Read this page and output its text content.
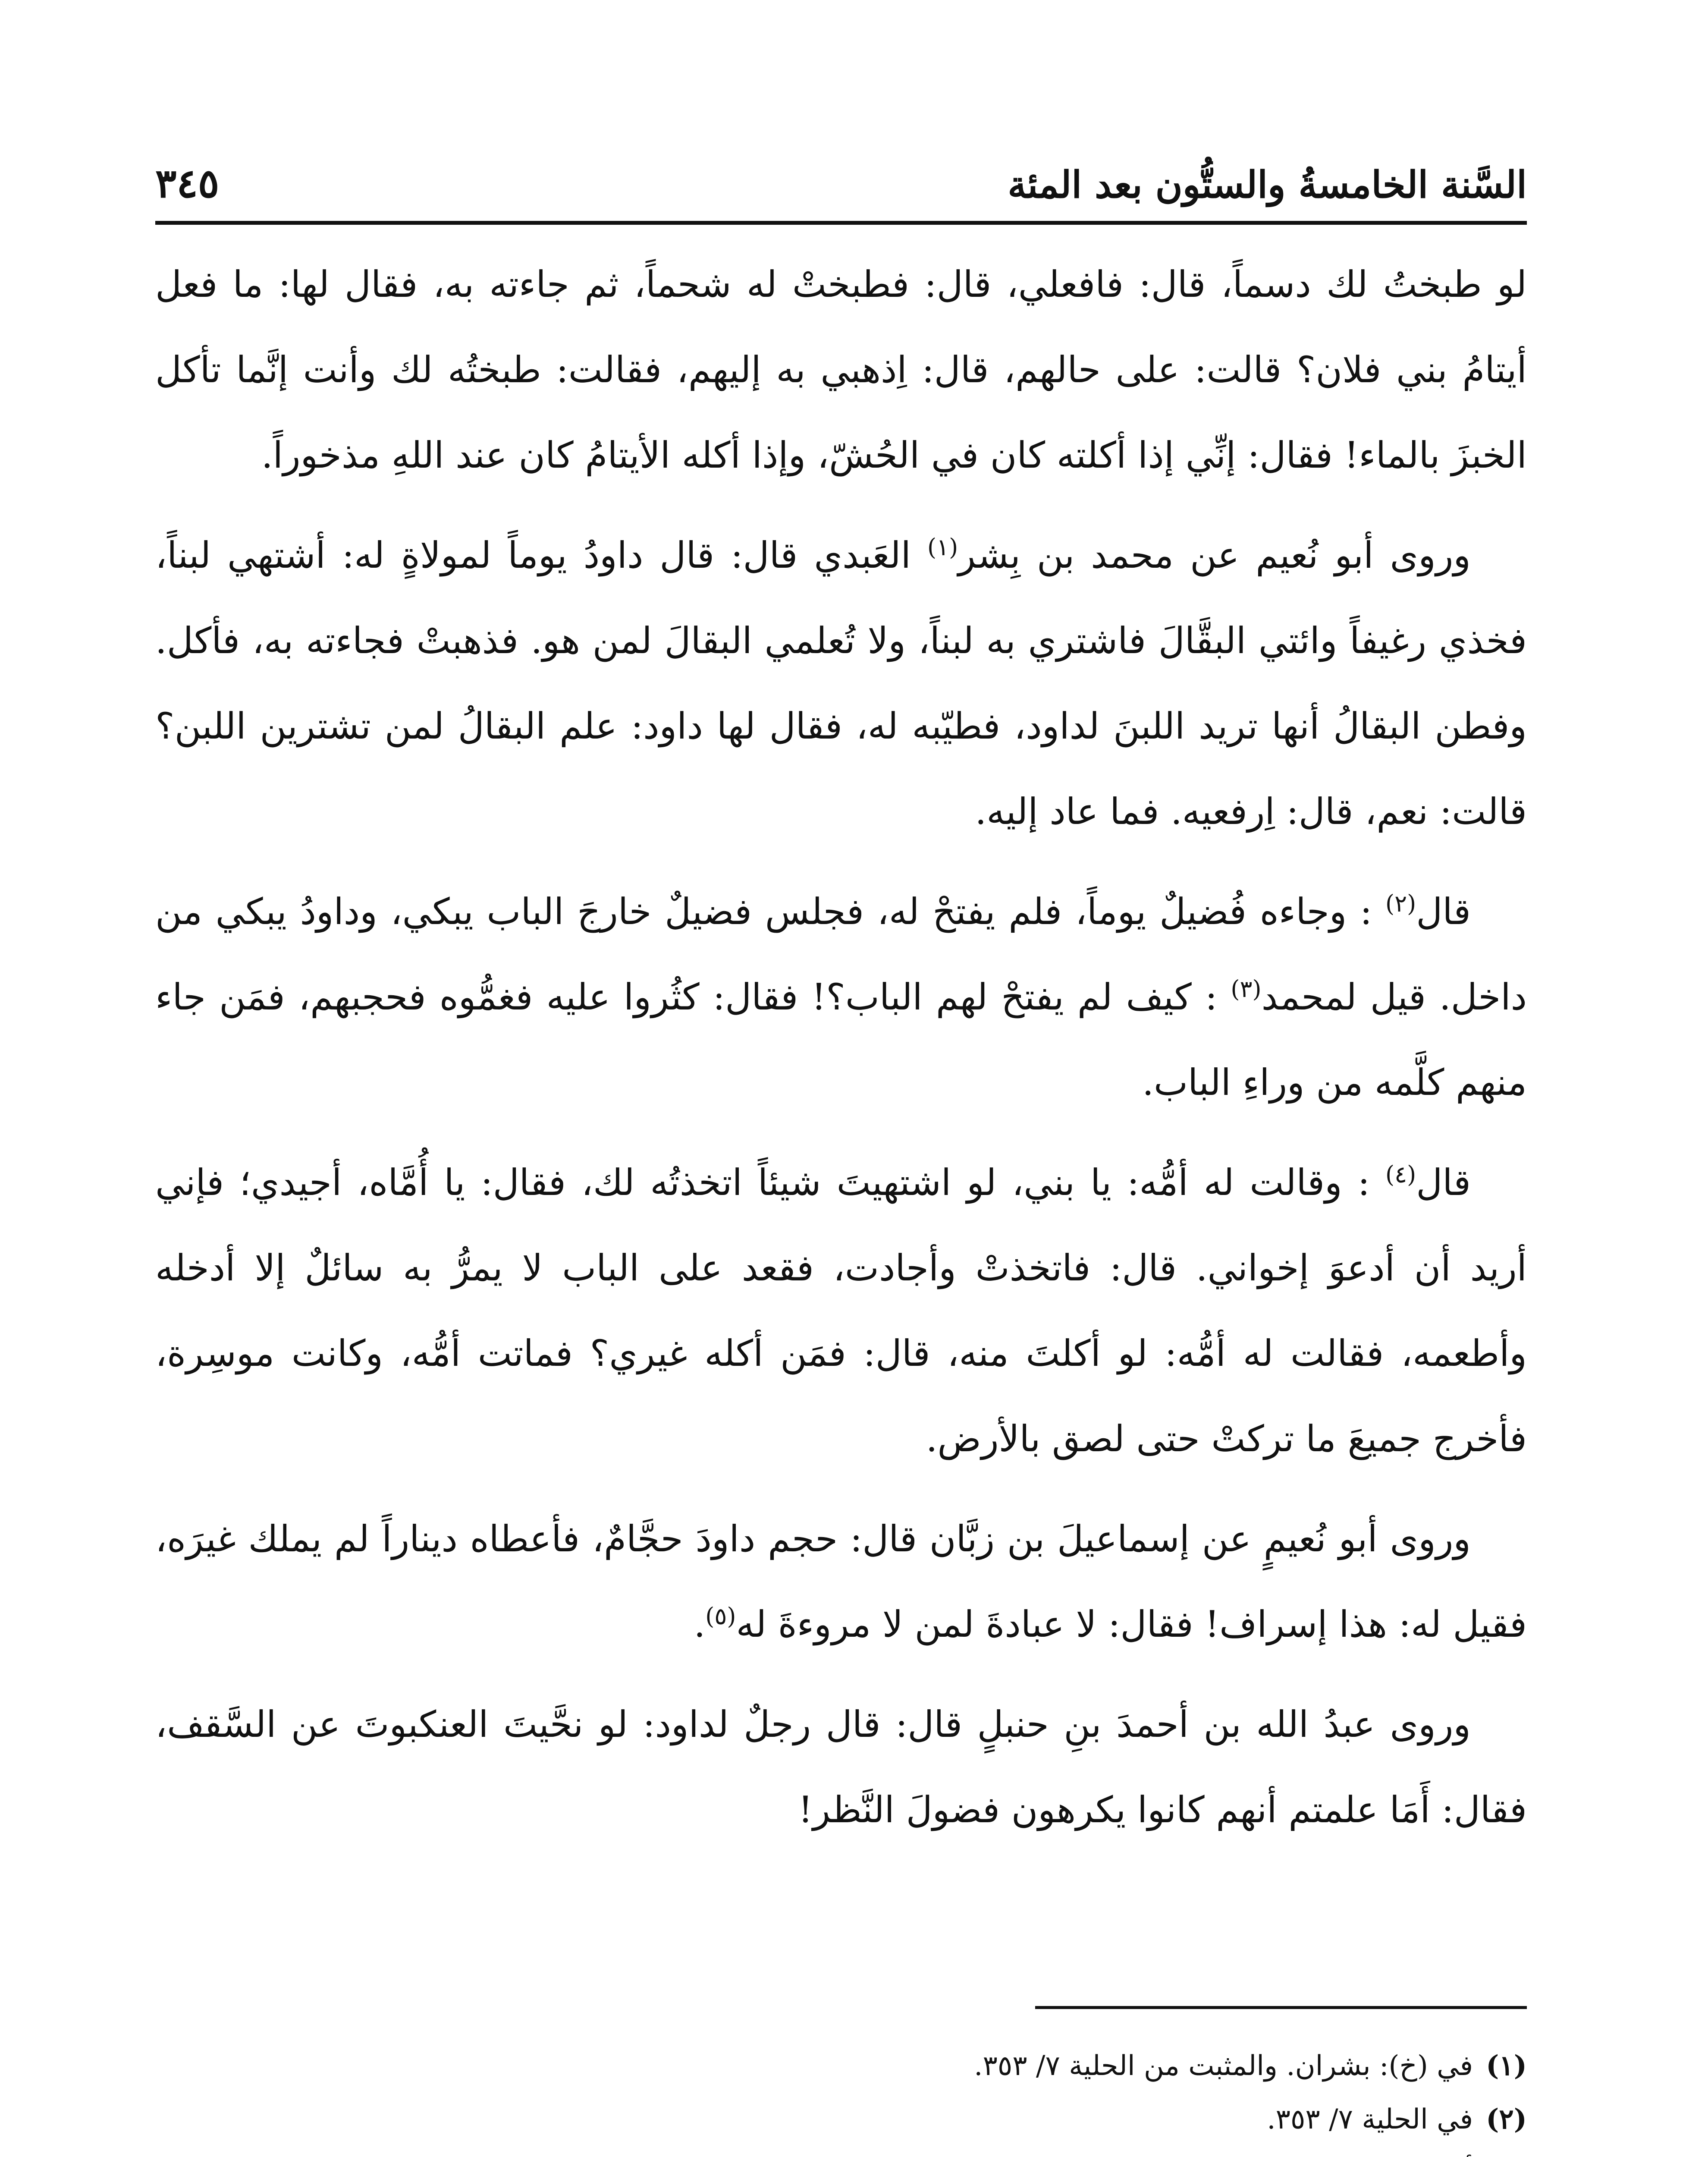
السَّنة الخامسةُ والستُّون بعد المئة
٣٤٥

لو طبختُ لك دسماً، قال: فافعلي، قال: فطبختْ له شحماً، ثم جاءته به، فقال لها: ما فعل أيتامُ بني فلان؟ قالت: على حالهم، قال: اِذهبي به إليهم، فقالت: طبختُه لك وأنت إنَّما تأكل الخبزَ بالماء! فقال: إنِّي إذا أكلته كان في الحُشّ، وإذا أكله الأيتامُ كان عند اللهِ مذخوراً.

وروى أبو نُعيم عن محمد بن بِشر$^{(١)}$ العَبدي قال: قال داودُ يوماً لمولاةٍ له: أشتهي لبناً، فخذي رغيفاً وائتي البقَّالَ فاشتري به لبناً، ولا تُعلمي البقالَ لمن هو. فذهبتْ فجاءته به، فأكل. وفطن البقالُ أنها تريد اللبنَ لداود، فطيّبه له، فقال لها داود: علم البقالُ لمن تشترين اللبن؟ قالت: نعم، قال: اِرفعيه. فما عاد إليه.

قال$^{(٢)}$ : وجاءه فُضيلٌ يوماً، فلم يفتحْ له، فجلس فضيلٌ خارجَ الباب يبكي، وداودُ يبكي من داخل. قيل لمحمد$^{(٣)}$ : كيف لم يفتحْ لهم الباب؟! فقال: كثُروا عليه فغمُّوه فحجبهم، فمَن جاء منهم كلَّمه من وراءِ الباب.

قال$^{(٤)}$ : وقالت له أمُّه: يا بني، لو اشتهيتَ شيئاً اتخذتُه لك، فقال: يا أُمَّاه، أجيدي؛ فإني أريد أن أدعوَ إخواني. قال: فاتخذتْ وأجادت، فقعد على الباب لا يمرُّ به سائلٌ إلا أدخله وأطعمه، فقالت له أمُّه: لو أكلتَ منه، قال: فمَن أكله غيري؟ فماتت أمُّه، وكانت موسِرة، فأخرج جميعَ ما تركتْ حتى لصق بالأرض.

وروى أبو نُعيمٍ عن إسماعيلَ بن زبَّان قال: حجم داودَ حجَّامٌ، فأعطاه ديناراً لم يملك غيرَه، فقيل له: هذا إسراف! فقال: لا عبادةَ لمن لا مروءةَ له$^{(٥)}$.

وروى عبدُ الله بن أحمدَ بنِ حنبلٍ قال: قال رجلٌ لداود: لو نحَّيتَ العنكبوتَ عن السَّقف، فقال: أَمَا علمتم أنهم كانوا يكرهون فضولَ النَّظر!

(١)في (خ): بشران. والمثبت من الحلية ٧/ ٣٥٣.
(٢)في الحلية ٧/ ٣٥٣.
